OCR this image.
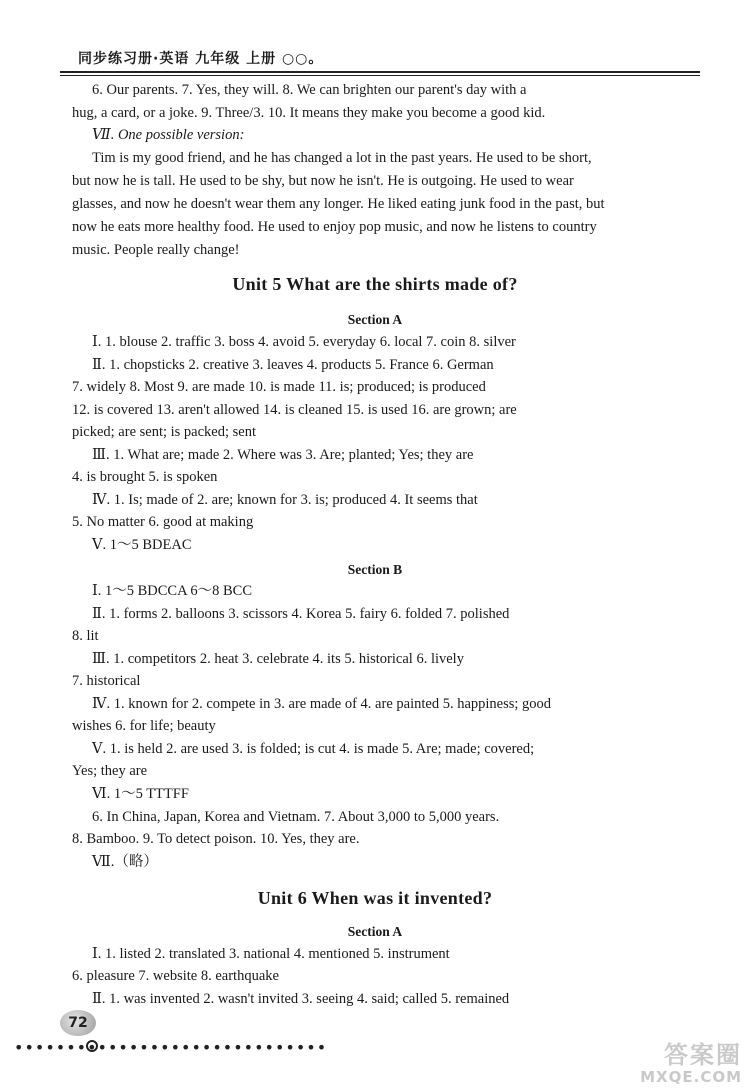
同步练习册·英语 九年级 上册 ○○。
6. Our parents. 7. Yes, they will. 8. We can brighten our parent's day with a
hug, a card, or a joke. 9. Three/3. 10. It means they make you become a good kid.
Ⅶ. One possible version:
Tim is my good friend, and he has changed a lot in the past years. He used to be short,
but now he is tall. He used to be shy, but now he isn't. He is outgoing. He used to wear
glasses, and now he doesn't wear them any longer. He liked eating junk food in the past, but
now he eats more healthy food. He used to enjoy pop music, and now he listens to country
music. People really change!
Unit 5 What are the shirts made of?
Section A
Ⅰ. 1. blouse 2. traffic 3. boss 4. avoid 5. everyday 6. local 7. coin 8. silver
Ⅱ. 1. chopsticks 2. creative 3. leaves 4. products 5. France 6. German
7. widely 8. Most 9. are made 10. is made 11. is; produced; is produced
12. is covered 13. aren't allowed 14. is cleaned 15. is used 16. are grown; are
picked; are sent; is packed; sent
Ⅲ. 1. What are; made 2. Where was 3. Are; planted; Yes; they are
4. is brought 5. is spoken
Ⅳ. 1. Is; made of 2. are; known for 3. is; produced 4. It seems that
5. No matter 6. good at making
Ⅴ. 1～5 BDEAC
Section B
Ⅰ. 1～5 BDCCA 6～8 BCC
Ⅱ. 1. forms 2. balloons 3. scissors 4. Korea 5. fairy 6. folded 7. polished
8. lit
Ⅲ. 1. competitors 2. heat 3. celebrate 4. its 5. historical 6. lively
7. historical
Ⅳ. 1. known for 2. compete in 3. are made of 4. are painted 5. happiness; good
wishes 6. for life; beauty
Ⅴ. 1. is held 2. are used 3. is folded; is cut 4. is made 5. Are; made; covered;
Yes; they are
Ⅵ. 1～5 TTTFF
6. In China, Japan, Korea and Vietnam. 7. About 3,000 to 5,000 years.
8. Bamboo. 9. To detect poison. 10. Yes, they are.
Ⅶ.（略）
Unit 6 When was it invented?
Section A
Ⅰ. 1. listed 2. translated 3. national 4. mentioned 5. instrument
6. pleasure 7. website 8. earthquake
Ⅱ. 1. was invented 2. wasn't invited 3. seeing 4. said; called 5. remained
72
••••••••••••••••••••••••••••••	答案圈
MXQE.COM
